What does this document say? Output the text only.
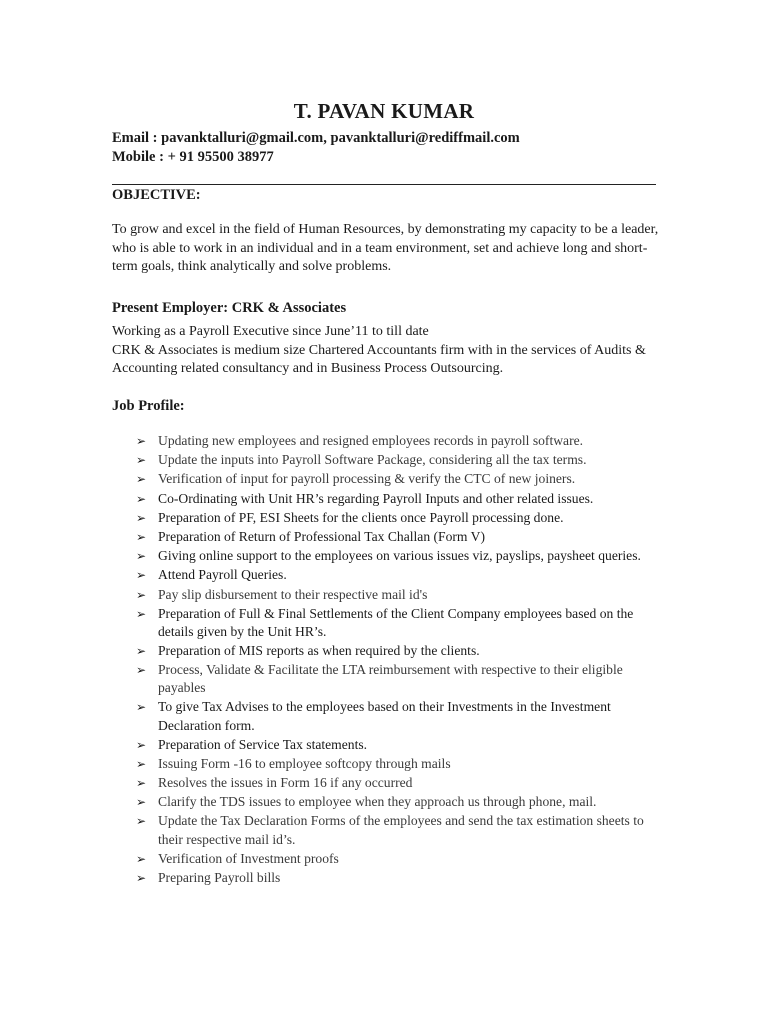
T. PAVAN KUMAR
Email : pavanktalluri@gmail.com, pavanktalluri@rediffmail.com
Mobile : + 91 95500 38977
OBJECTIVE:
To grow and excel in the field of Human Resources, by demonstrating my capacity to be a leader, who is able to work in an individual and in a team environment, set and achieve long and short-term goals, think analytically and solve problems.
Present Employer: CRK & Associates
Working as a Payroll Executive since June’11 to till date
CRK & Associates is medium size Chartered Accountants firm with in the services of Audits & Accounting related consultancy and in Business Process Outsourcing.
Job Profile:
➢ Updating new employees and resigned employees records in payroll software.
➢ Update the inputs into Payroll Software Package, considering all the tax terms.
➢ Verification of input for payroll processing & verify the CTC of new joiners.
➢ Co-Ordinating with Unit HR’s regarding Payroll Inputs and other related issues.
➢ Preparation of PF, ESI Sheets for the clients once Payroll processing done.
➢ Preparation of Return of Professional Tax Challan (Form V)
➢ Giving online support to the employees on various issues viz, payslips, paysheet queries.
➢ Attend Payroll Queries.
➢ Pay slip disbursement to their respective mail id's
➢ Preparation of Full & Final Settlements of the Client Company employees based on the details given by the Unit HR’s.
➢ Preparation of MIS reports as when required by the clients.
➢ Process, Validate & Facilitate the LTA reimbursement with respective to their eligible payables
➢ To give Tax Advises to the employees based on their Investments in the Investment Declaration form.
➢ Preparation of Service Tax statements.
➢ Issuing Form -16 to employee softcopy through mails
➢ Resolves the issues in Form 16 if any occurred
➢ Clarify the TDS issues to employee when they approach us through phone, mail.
➢ Update the Tax Declaration Forms of the employees and send the tax estimation sheets to their respective mail id’s.
➢ Verification of Investment proofs
➢ Preparing Payroll bills
